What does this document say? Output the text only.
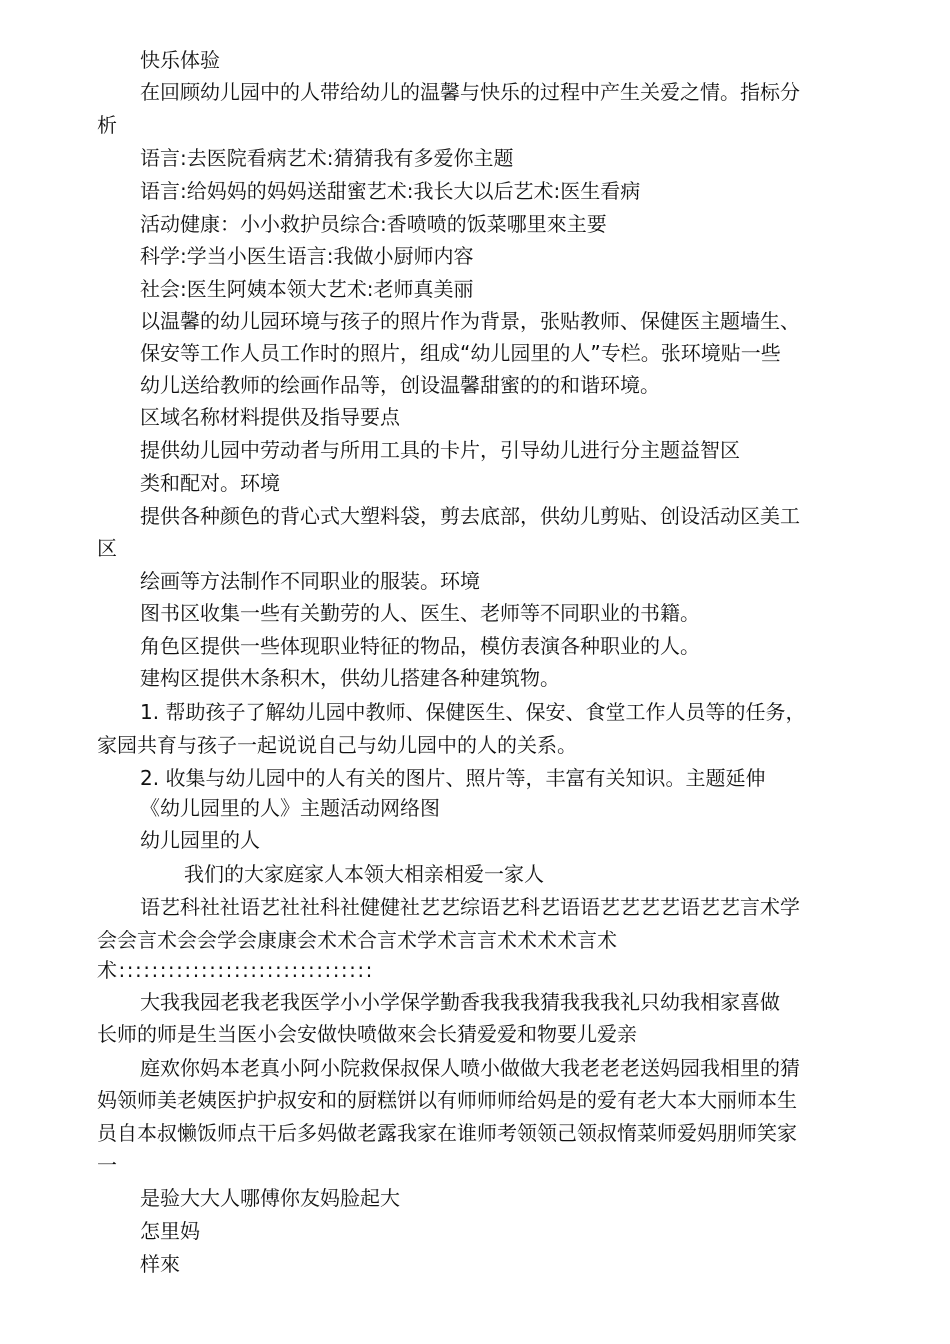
快乐体验
在回顾幼儿园中的人带给幼儿的温馨与快乐的过程中产生关爱之情。指标分
析
语言:去医院看病艺术:猜猜我有多爱你主题
语言:给妈妈的妈妈送甜蜜艺术:我长大以后艺术:医生看病
活动健康：小小救护员综合:香喷喷的饭菜哪里來主要
科学:学当小医生语言:我做小厨师内容
社会:医生阿姨本领大艺术:老师真美丽
以温馨的幼儿园环境与孩子的照片作为背景，张贴教师、保健医主题墙生、
保安等工作人员工作时的照片，组成“幼儿园里的人”专栏。张环境贴一些
幼儿送给教师的绘画作品等，创设温馨甜蜜的的和谐环境。
区域名称材料提供及指导要点
提供幼儿园中劳动者与所用工具的卡片，引导幼儿进行分主题益智区
类和配对。环境
提供各种颜色的背心式大塑料袋，剪去底部，供幼儿剪贴、创设活动区美工
区
绘画等方法制作不同职业的服装。环境
图书区收集一些有关勤劳的人、医生、老师等不同职业的书籍。
角色区提供一些体现职业特征的物品，模仿表演各种职业的人。
建构区提供木条积木，供幼儿搭建各种建筑物。
1. 帮助孩子了解幼儿园中教师、保健医生、保安、食堂工作人员等的任务，
家园共育与孩子一起说说自己与幼儿园中的人的关系。
2. 收集与幼儿园中的人有关的图片、照片等，丰富有关知识。主题延伸
《幼儿园里的人》主题活动网络图
幼儿园里的人
我们的大家庭家人本领大相亲相爱一家人
语艺科社社语艺社社科社健健社艺艺综语艺科艺语语艺艺艺艺语艺艺言术学
会会言术会会学会康康会术术合言术学术言言术术术术言术
术:::::::::::::::::::::::::::::::
大我我园老我老我医学小小学保学勤香我我我猜我我我礼只幼我相家喜做
长师的师是生当医小会安做快喷做來会长猜爱爱和物要儿爱亲
庭欢你妈本老真小阿小院救保叔保人喷小做做大我老老老送妈园我相里的猜
妈领师美老姨医护护叔安和的厨糕饼以有师师师给妈是的爱有老大本大丽师本生
员自本叔懒饭师点干后多妈做老露我家在谁师考领领己领叔惰菜师爱妈朋师笑家
一
是验大大人哪傅你友妈脸起大
怎里妈
样來
